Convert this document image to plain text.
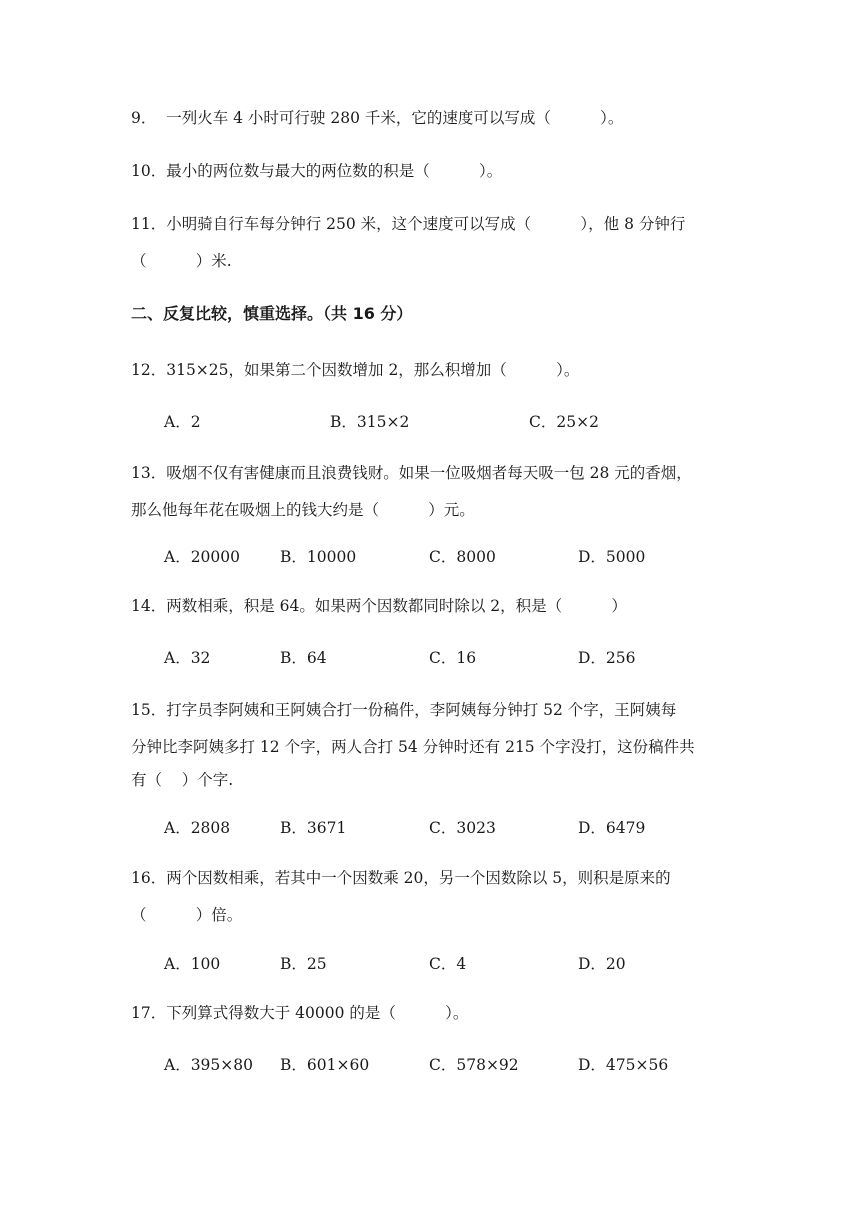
9．  一列火车 4 小时可行驶 280 千米，它的速度可以写成（          ）。
10．最小的两位数与最大的两位数的积是（          ）。
11．小明骑自行车每分钟行 250 米，这个速度可以写成（          ），他 8 分钟行
（          ）米.
二、反复比较，慎重选择。（共 16 分）
12．315×25，如果第二个因数增加 2，那么积增加（          ）。
A．2	B．315×2	C．25×2
13．吸烟不仅有害健康而且浪费钱财。如果一位吸烟者每天吸一包 28 元的香烟，
那么他每年花在吸烟上的钱大约是（          ）元。
A．20000	B．10000	C．8000	D．5000
14．两数相乘，积是 64。如果两个因数都同时除以 2，积是（          ）
A．32	B．64	C．16	D．256
15．打字员李阿姨和王阿姨合打一份稿件，李阿姨每分钟打 52 个字，王阿姨每
分钟比李阿姨多打 12 个字，两人合打 54 分钟时还有 215 个字没打，这份稿件共
有（    ）个字.
A．2808	B．3671	C．3023	D．6479
16．两个因数相乘，若其中一个因数乘 20，另一个因数除以 5，则积是原来的
（          ）倍。
A．100	B．25	C．4	D．20
17．下列算式得数大于 40000 的是（          ）。
A．395×80 B．601×60	C．578×92	D．475×56
